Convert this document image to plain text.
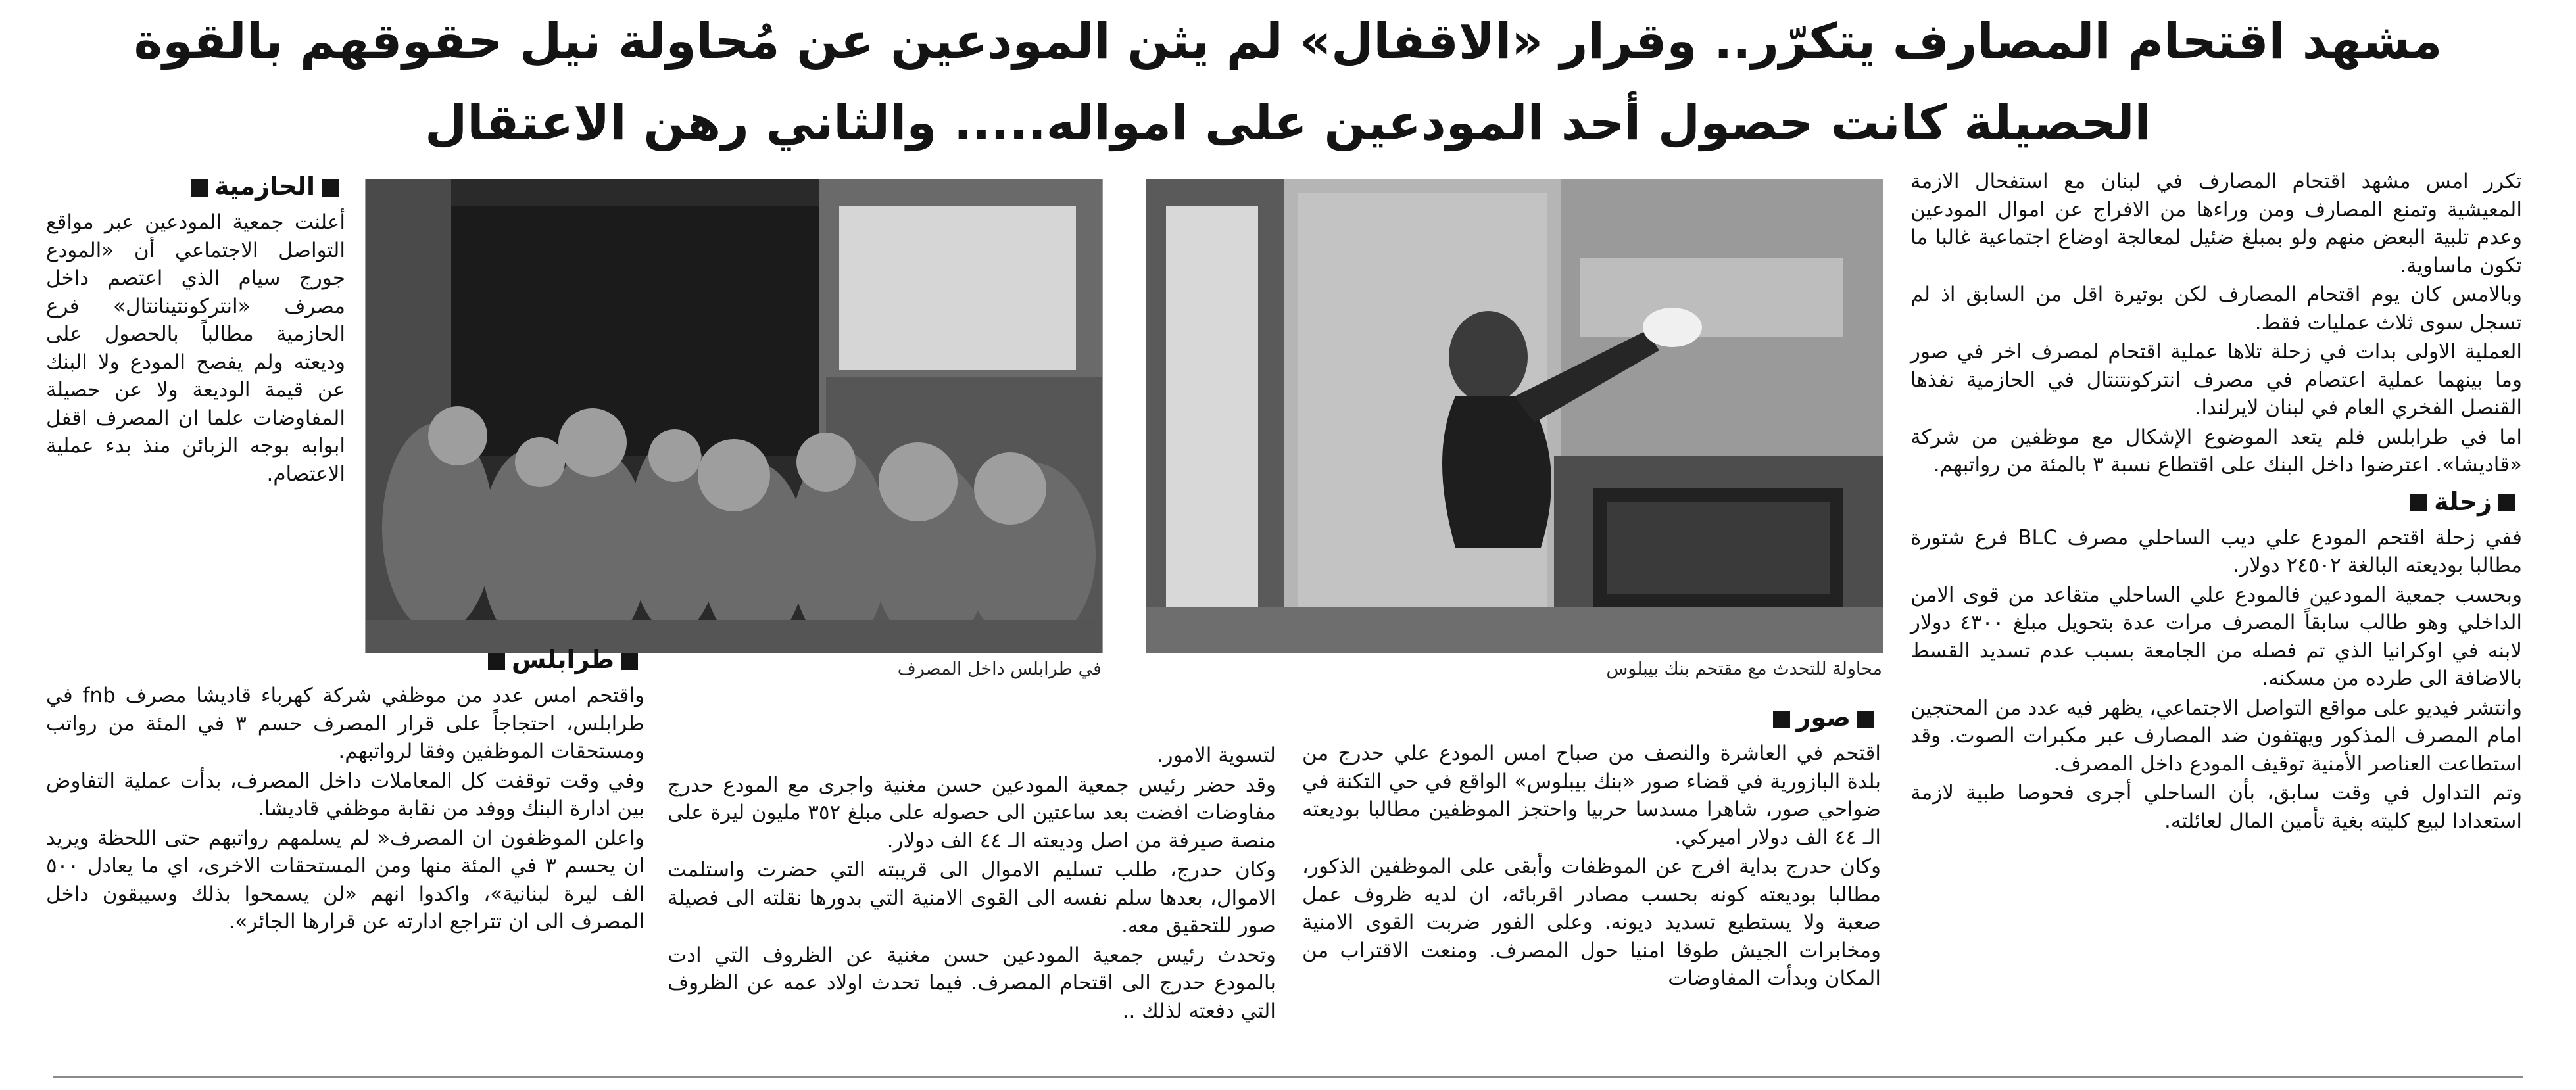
مشهد اقتحام المصارف يتكرّر.. وقرار «الاقفال» لم يثن المودعين عن مُحاولة نيل حقوقهم بالقوة
الحصيلة كانت حصول أحد المودعين على امواله..... والثاني رهن الاعتقال

تكرر امس مشهد اقتحام المصارف في لبنان مع استفحال الازمة المعيشية وتمنع المصارف ومن وراءها من الافراج عن اموال المودعين وعدم تلبية البعض منهم ولو بمبلغ ضئيل لمعالجة اوضاع اجتماعية غالبا ما تكون ماساوية.

وبالامس كان يوم اقتحام المصارف لكن بوتيرة اقل من السابق اذ لم تسجل سوى ثلاث عمليات فقط.

العملية الاولى بدات في زحلة تلاها عملية اقتحام لمصرف اخر في صور وما بينهما عملية اعتصام في مصرف انتركونتنتال في الحازمية نفذها القنصل الفخري العام في لبنان لايرلندا.

اما في طرابلس فلم يتعد الموضوع الإشكال مع موظفين من شركة «قاديشا». اعترضوا داخل البنك على اقتطاع نسبة ٣ بالمئة من رواتبهم.

زحلة

ففي زحلة اقتحم المودع علي ديب الساحلي مصرف BLC فرع شتورة مطالبا بوديعته البالغة ٢٤٥٠٢ دولار.

وبحسب جمعية المودعين فالمودع علي الساحلي متقاعد من قوى الامن الداخلي وهو طالب سابقاً المصرف مرات عدة بتحويل مبلغ ٤٣٠٠ دولار لابنه في اوكرانيا الذي تم فصله من الجامعة بسبب عدم تسديد القسط بالاضافة الى طرده من مسكنه.

وانتشر فيديو على مواقع التواصل الاجتماعي، يظهر فيه عدد من المحتجين امام المصرف المذكور ويهتفون ضد المصارف عبر مكبرات الصوت. وقد استطاعت العناصر الأمنية توقيف المودع داخل المصرف.

وتم التداول في وقت سابق، بأن الساحلي أجرى فحوصا طبية لازمة استعدادا لبيع كليته بغية تأمين المال لعائلته.

محاولة للتحدث مع مقتحم بنك بيبلوس
في طرابلس داخل المصرف
صور

اقتحم في العاشرة والنصف من صباح امس المودع علي حدرج من بلدة البازورية في قضاء صور «بنك بيبلوس» الواقع في حي التكنة في ضواحي صور، شاهرا مسدسا حربيا واحتجز الموظفين مطالبا بوديعته الـ ٤٤ الف دولار اميركي.

وكان حدرج بداية افرج عن الموظفات وأبقى على الموظفين الذكور، مطالبا بوديعته كونه بحسب مصادر اقربائه، ان لديه ظروف عمل صعبة ولا يستطيع تسديد ديونه. وعلى الفور ضربت القوى الامنية ومخابرات الجيش طوقا امنيا حول المصرف. ومنعت الاقتراب من المكان وبدأت المفاوضات

لتسوية الامور.

وقد حضر رئيس جمعية المودعين حسن مغنية واجرى مع المودع حدرج مفاوضات افضت بعد ساعتين الى حصوله على مبلغ ٣٥٢ مليون ليرة على منصة صيرفة من اصل وديعته الـ ٤٤ الف دولار.

وكان حدرج، طلب تسليم الاموال الى قريبته التي حضرت واستلمت الاموال، بعدها سلم نفسه الى القوى الامنية التي بدورها نقلته الى فصيلة صور للتحقيق معه.

وتحدث رئيس جمعية المودعين حسن مغنية عن الظروف التي ادت بالمودع حدرج الى اقتحام المصرف. فيما تحدث اولاد عمه عن الظروف التي دفعته لذلك ..

طرابلس

واقتحم امس عدد من موظفي شركة كهرباء قاديشا مصرف fnb في طرابلس، احتجاجاً على قرار المصرف حسم ٣ في المئة من رواتب ومستحقات الموظفين وفقا لرواتبهم.

وفي وقت توقفت كل المعاملات داخل المصرف، بدأت عملية التفاوض بين ادارة البنك ووفد من نقابة موظفي قاديشا.

واعلن الموظفون ان المصرف« لم يسلمهم رواتبهم حتى اللحظة ويريد ان يحسم ٣ في المئة منها ومن المستحقات الاخرى، اي ما يعادل ٥٠٠ الف ليرة لبنانية»، واكدوا انهم «لن يسمحوا بذلك وسيبقون داخل المصرف الى ان تتراجع ادارته عن قرارها الجائر».

الحازمية

أعلنت جمعية المودعين عبر مواقع التواصل الاجتماعي أن «المودع جورج سيام الذي اعتصم داخل مصرف «انتركونتينانتال» فرع الحازمية مطالباً بالحصول على وديعته ولم يفصح المودع ولا البنك عن قيمة الوديعة ولا عن حصيلة المفاوضات علما ان المصرف اقفل ابوابه بوجه الزبائن منذ بدء عملية الاعتصام.
